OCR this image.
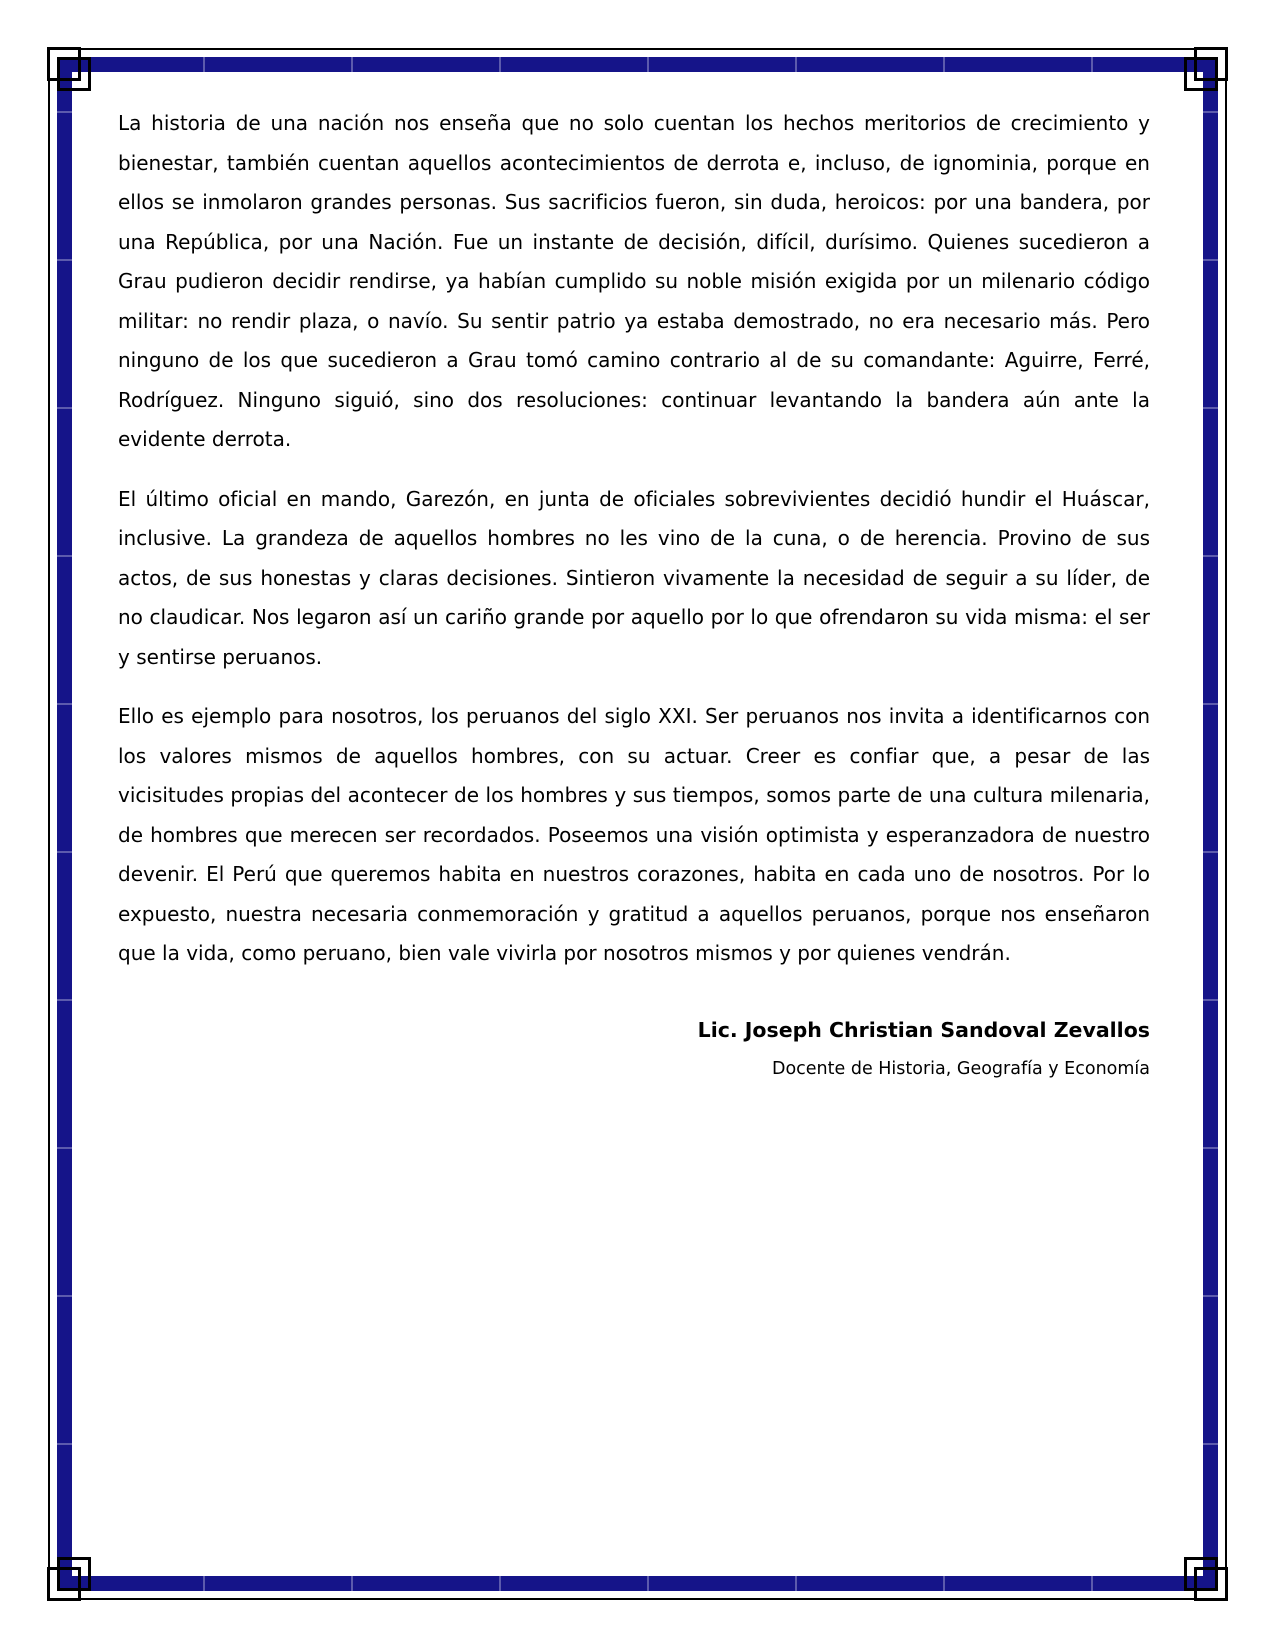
La historia de una nación nos enseña que no solo cuentan los hechos meritorios de crecimiento y bienestar, también cuentan aquellos acontecimientos de derrota e, incluso, de ignominia, porque en ellos se inmolaron grandes personas. Sus sacrificios fueron, sin duda, heroicos: por una bandera, por una República, por una Nación. Fue un instante de decisión, difícil, durísimo. Quienes sucedieron a Grau pudieron decidir rendirse, ya habían cumplido su noble misión exigida por un milenario código militar: no rendir plaza, o navío. Su sentir patrio ya estaba demostrado, no era necesario más. Pero ninguno de los que sucedieron a Grau tomó camino contrario al de su comandante: Aguirre, Ferré, Rodríguez. Ninguno siguió, sino dos resoluciones: continuar levantando la bandera aún ante la evidente derrota.

El último oficial en mando, Garezón, en junta de oficiales sobrevivientes decidió hundir el Huáscar, inclusive. La grandeza de aquellos hombres no les vino de la cuna, o de herencia. Provino de sus actos, de sus honestas y claras decisiones. Sintieron vivamente la necesidad de seguir a su líder, de no claudicar. Nos legaron así un cariño grande por aquello por lo que ofrendaron su vida misma: el ser y sentirse peruanos.

Ello es ejemplo para nosotros, los peruanos del siglo XXI. Ser peruanos nos invita a identificarnos con los valores mismos de aquellos hombres, con su actuar. Creer es confiar que, a pesar de las vicisitudes propias del acontecer de los hombres y sus tiempos, somos parte de una cultura milenaria, de hombres que merecen ser recordados. Poseemos una visión optimista y esperanzadora de nuestro devenir. El Perú que queremos habita en nuestros corazones, habita en cada uno de nosotros. Por lo expuesto, nuestra necesaria conmemoración y gratitud a aquellos peruanos, porque nos enseñaron que la vida, como peruano, bien vale vivirla por nosotros mismos y por quienes vendrán.

Lic. Joseph Christian Sandoval Zevallos
Docente de Historia, Geografía y Economía
